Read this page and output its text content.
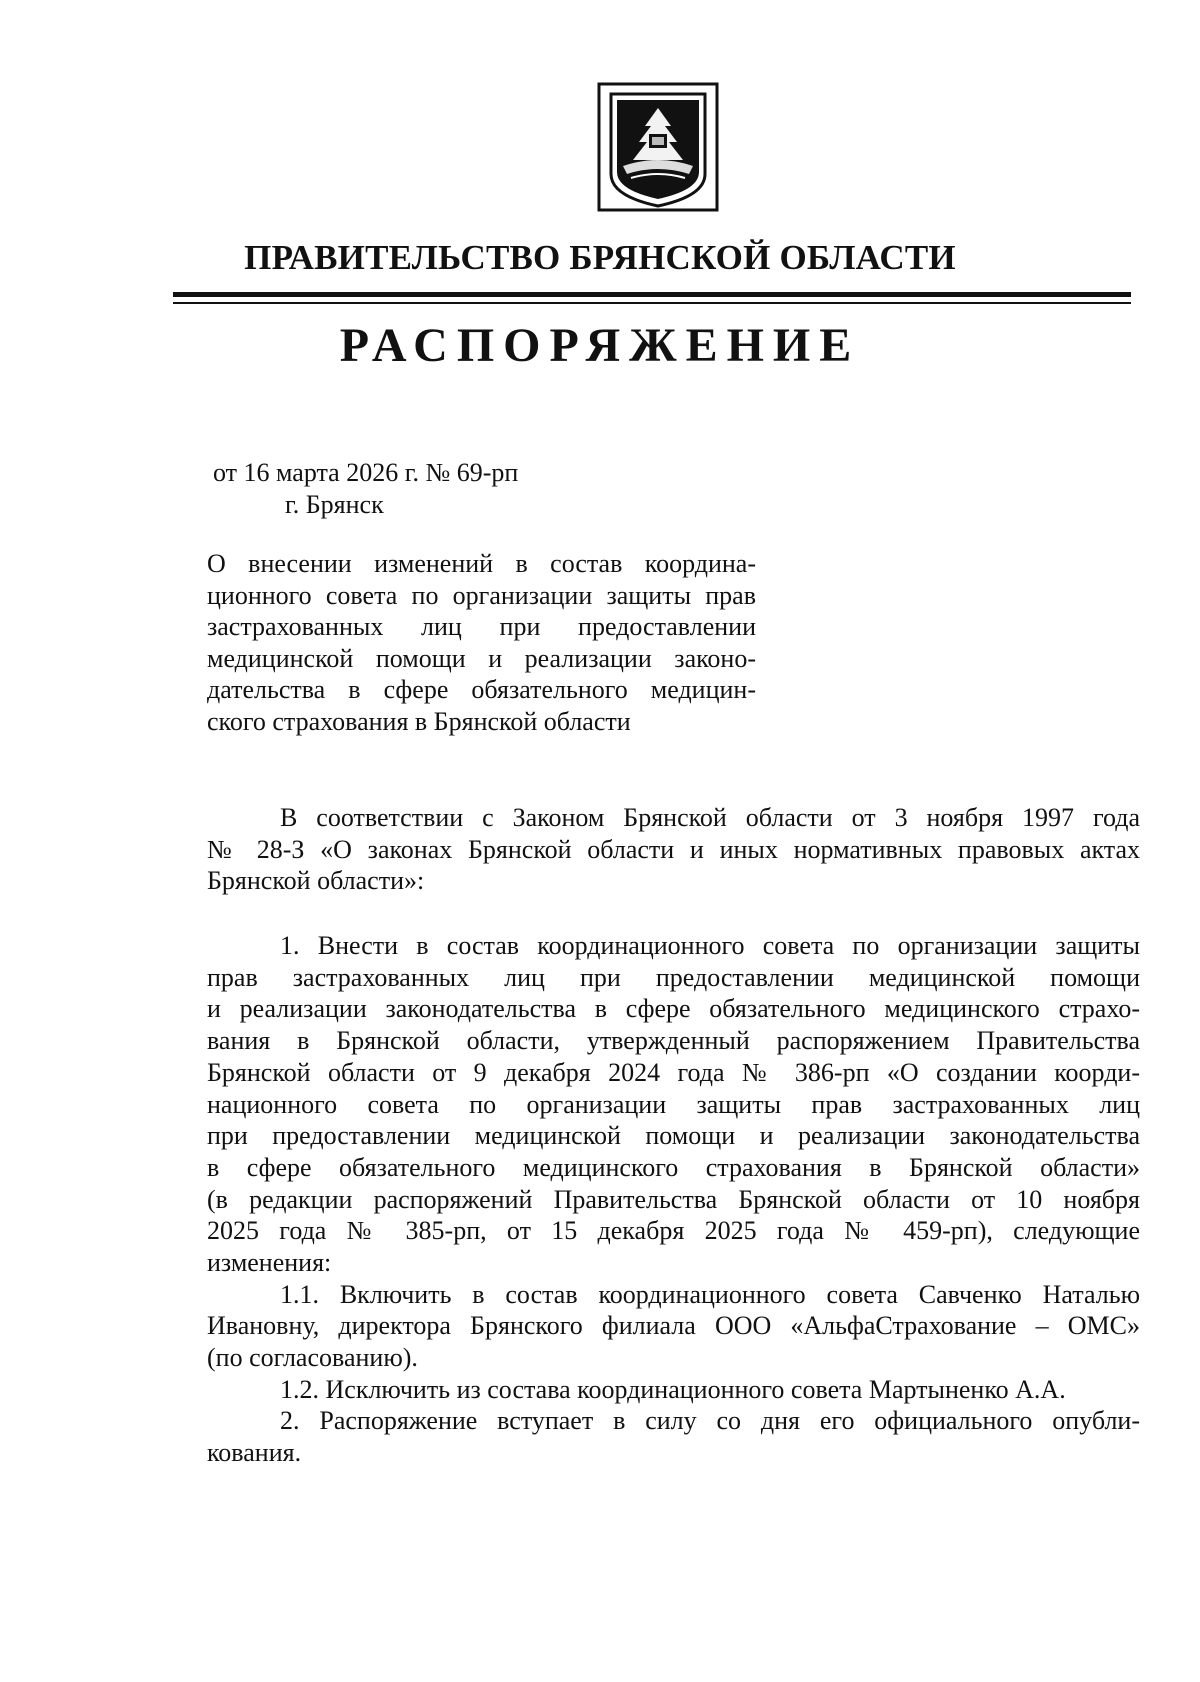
ПРАВИТЕЛЬСТВО БРЯНСКОЙ ОБЛАСТИ
РАСПОРЯЖЕНИЕ
от 16 марта 2026 г. № 69-рп
г. Брянск
О внесении изменений в состав координа-
ционного совета по организации защиты прав
застрахованных лиц при предоставлении
медицинской помощи и реализации законо-
дательства в сфере обязательного медицин-
ского страхования в Брянской области
В соответствии с Законом Брянской области от 3 ноября 1997 года
№ 28-З «О законах Брянской области и иных нормативных правовых актах
Брянской области»:
1. Внести в состав координационного совета по организации защиты
прав застрахованных лиц при предоставлении медицинской помощи
и реализации законодательства в сфере обязательного медицинского страхо-
вания в Брянской области, утвержденный распоряжением Правительства
Брянской области от 9 декабря 2024 года № 386-рп «О создании коорди-
национного совета по организации защиты прав застрахованных лиц
при предоставлении медицинской помощи и реализации законодательства
в сфере обязательного медицинского страхования в Брянской области»
(в редакции распоряжений Правительства Брянской области от 10 ноября
2025 года № 385-рп, от 15 декабря 2025 года № 459-рп), следующие
изменения:
1.1. Включить в состав координационного совета Савченко Наталью
Ивановну, директора Брянского филиала ООО «АльфаСтрахование – ОМС»
(по согласованию).
1.2. Исключить из состава координационного совета Мартыненко А.А.
2. Распоряжение вступает в силу со дня его официального опубли-
кования.
